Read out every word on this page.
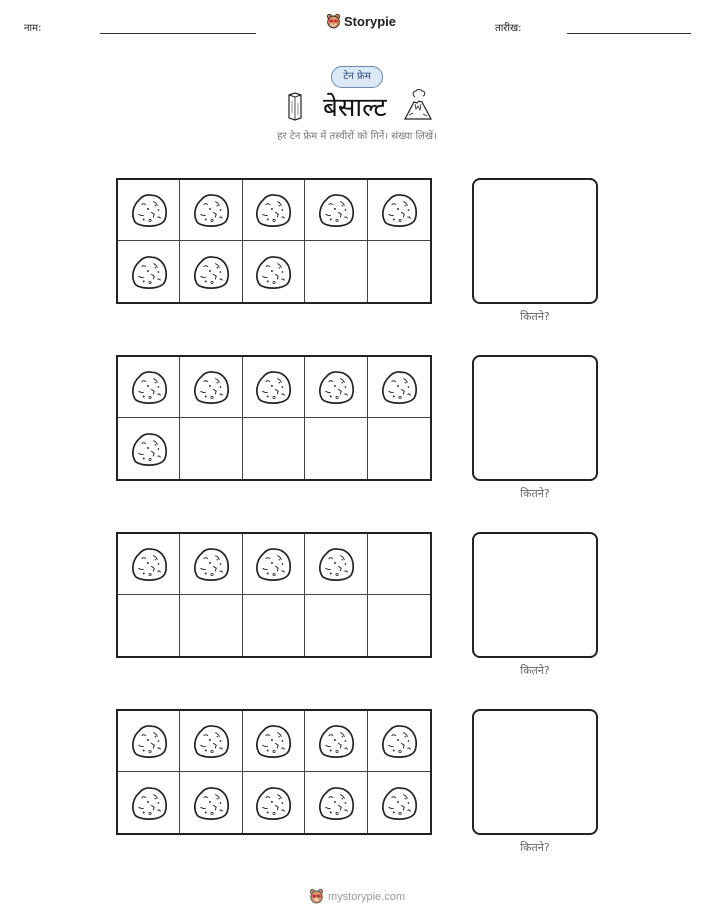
नाम:	Storypie	तारीख:
टेन फ्रेम
बेसाल्ट
हर टेन फ्रेम में तस्वीरों को गिनें। संख्या लिखें।
कितने?
कितने?
कितने?
कितने?
mystorypie.com
